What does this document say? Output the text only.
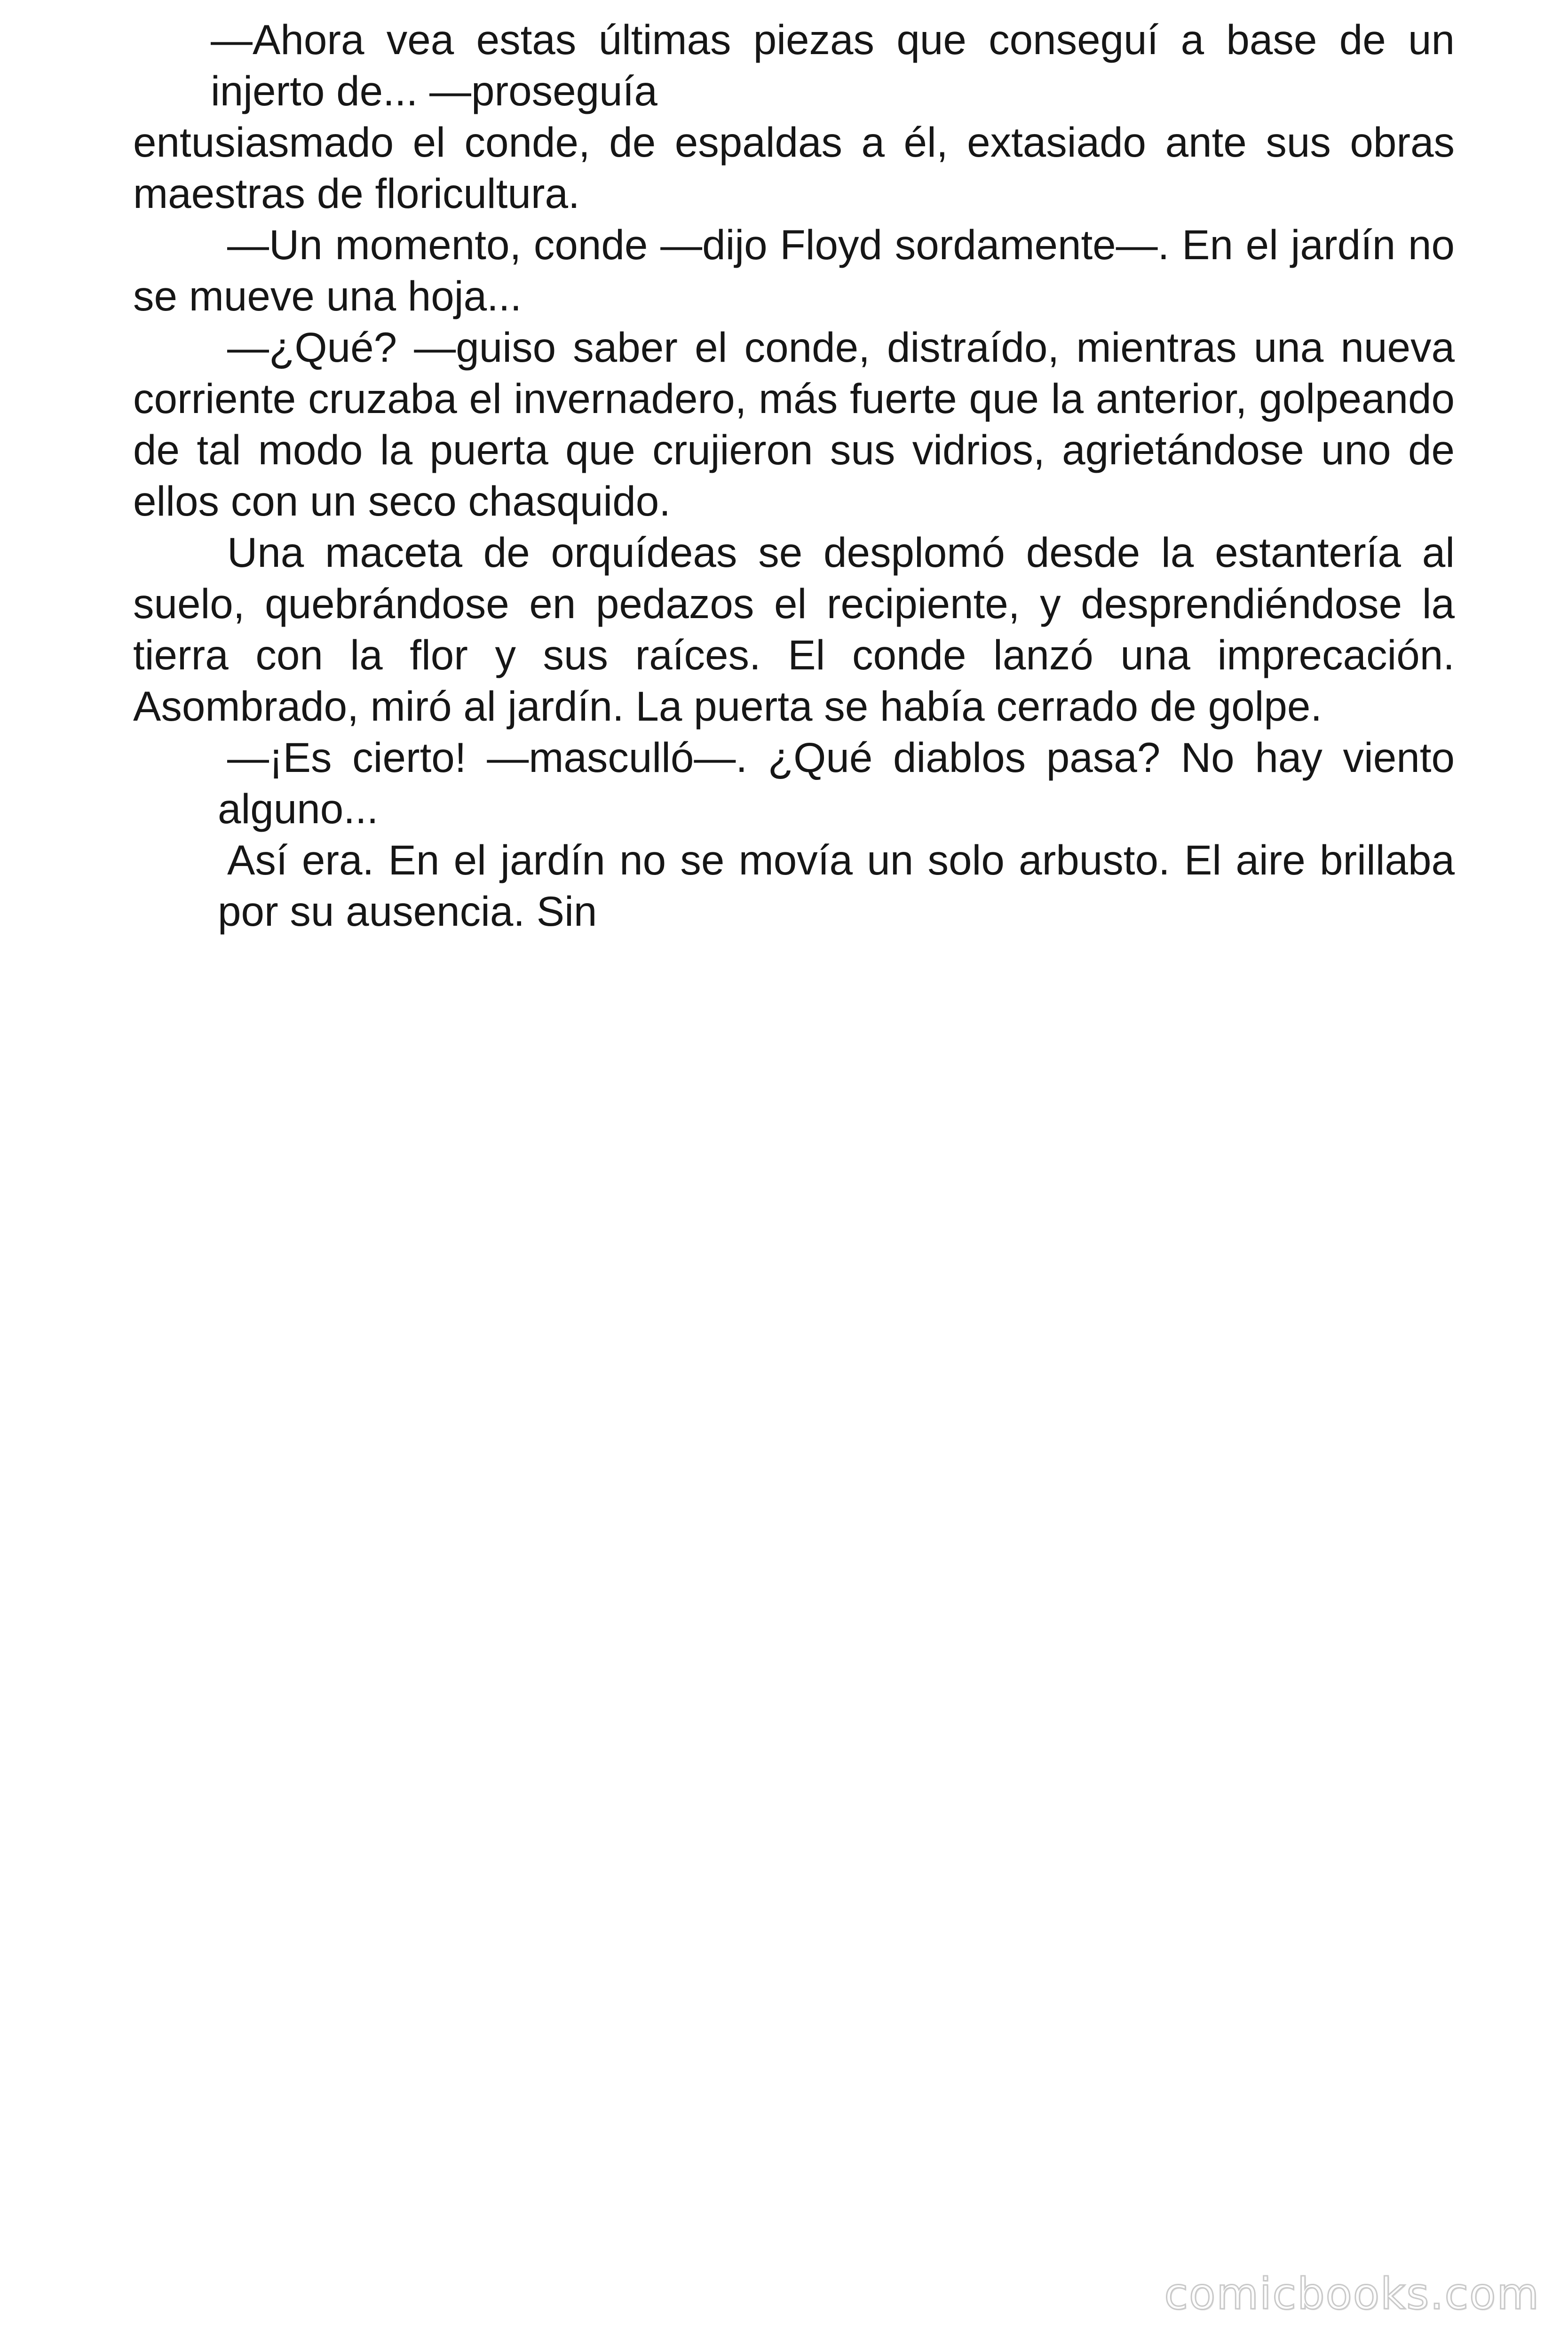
—Ahora vea estas últimas piezas que conseguí a base de un injerto de... —proseguía

entusiasmado el conde, de espaldas a él, extasiado ante sus obras maestras de floricultura.

—Un momento, conde —dijo Floyd sordamente—. En el jardín no se mueve una hoja...

—¿Qué? —guiso saber el conde, distraído, mientras una nueva corriente cruzaba el invernadero, más fuerte que la anterior, golpeando de tal modo la puerta que crujieron sus vidrios, agrietándose uno de ellos con un seco chasquido.

Una maceta de orquídeas se desplomó desde la estantería al suelo, quebrándose en pedazos el recipiente, y desprendiéndose la tierra con la flor y sus raíces. El conde lanzó una imprecación. Asombrado, miró al jardín. La puerta se había cerrado de golpe.

—¡Es cierto! —masculló—. ¿Qué diablos pasa? No hay viento alguno...

Así era. En el jardín no se movía un solo arbusto. El aire brillaba por su ausencia. Sin

comicbooks.com
